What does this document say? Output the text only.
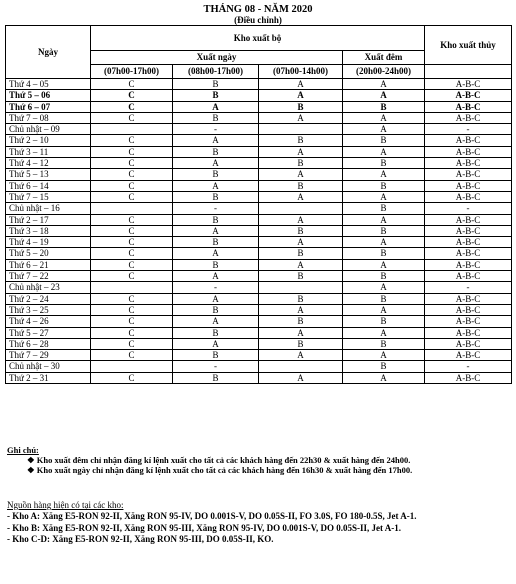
THÁNG 08 - NĂM 2020
(Điều chỉnh)
Ngày	Kho xuất bộ				Kho xuất thủy
	Xuất ngày			Xuất đêm	
	(07h00-17h00)	(08h00-17h00)	(07h00-14h00)	(20h00-24h00)	
Thứ 4 – 05	C	B	A	A	A-B-C
Thứ 5 – 06	C	B	A	A	A-B-C
Thứ 6 – 07	C	A	B	B	A-B-C
Thứ 7 – 08	C	B	A	A	A-B-C
Chủ nhật – 09		-		A	-
Thứ 2 – 10	C	A	B	B	A-B-C
Thứ 3 – 11	C	B	A	A	A-B-C
Thứ 4 – 12	C	A	B	B	A-B-C
Thứ 5 – 13	C	B	A	A	A-B-C
Thứ 6 – 14	C	A	B	B	A-B-C
Thứ 7 – 15	C	B	A	A	A-B-C
Chủ nhật – 16		-		B	-
Thứ 2 – 17	C	B	A	A	A-B-C
Thứ 3 – 18	C	A	B	B	A-B-C
Thứ 4 – 19	C	B	A	A	A-B-C
Thứ 5 – 20	C	A	B	B	A-B-C
Thứ 6 – 21	C	B	A	A	A-B-C
Thứ 7 – 22	C	A	B	B	A-B-C
Chủ nhật – 23		-		A	-
Thứ 2 – 24	C	A	B	B	A-B-C
Thứ 3 – 25	C	B	A	A	A-B-C
Thứ 4 – 26	C	A	B	B	A-B-C
Thứ 5 – 27	C	B	A	A	A-B-C
Thứ 6 – 28	C	A	B	B	A-B-C
Thứ 7 – 29	C	B	A	A	A-B-C
Chủ nhật – 30		-		B	-
Thứ 2 – 31	C	B	A	A	A-B-C
Ghi chú:
❖ Kho xuất đêm chỉ nhận đăng kí lệnh xuất cho tất cả các khách hàng đến 22h30 & xuất hàng đến 24h00.
❖ Kho xuất ngày chỉ nhận đăng kí lệnh xuất cho tất cả các khách hàng đến 16h30 & xuất hàng đến 17h00.
Nguồn hàng hiện có tại các kho:
- Kho A: Xăng E5-RON 92-II, Xăng RON 95-IV, DO 0.001S-V, DO 0.05S-II, FO 3.0S, FO 180-0.5S, Jet A-1.
- Kho B: Xăng E5-RON 92-II, Xăng RON 95-III, Xăng RON 95-IV, DO 0.001S-V, DO 0.05S-II, Jet A-1.
- Kho C-D: Xăng E5-RON 92-II, Xăng RON 95-III, DO 0.05S-II, KO.
